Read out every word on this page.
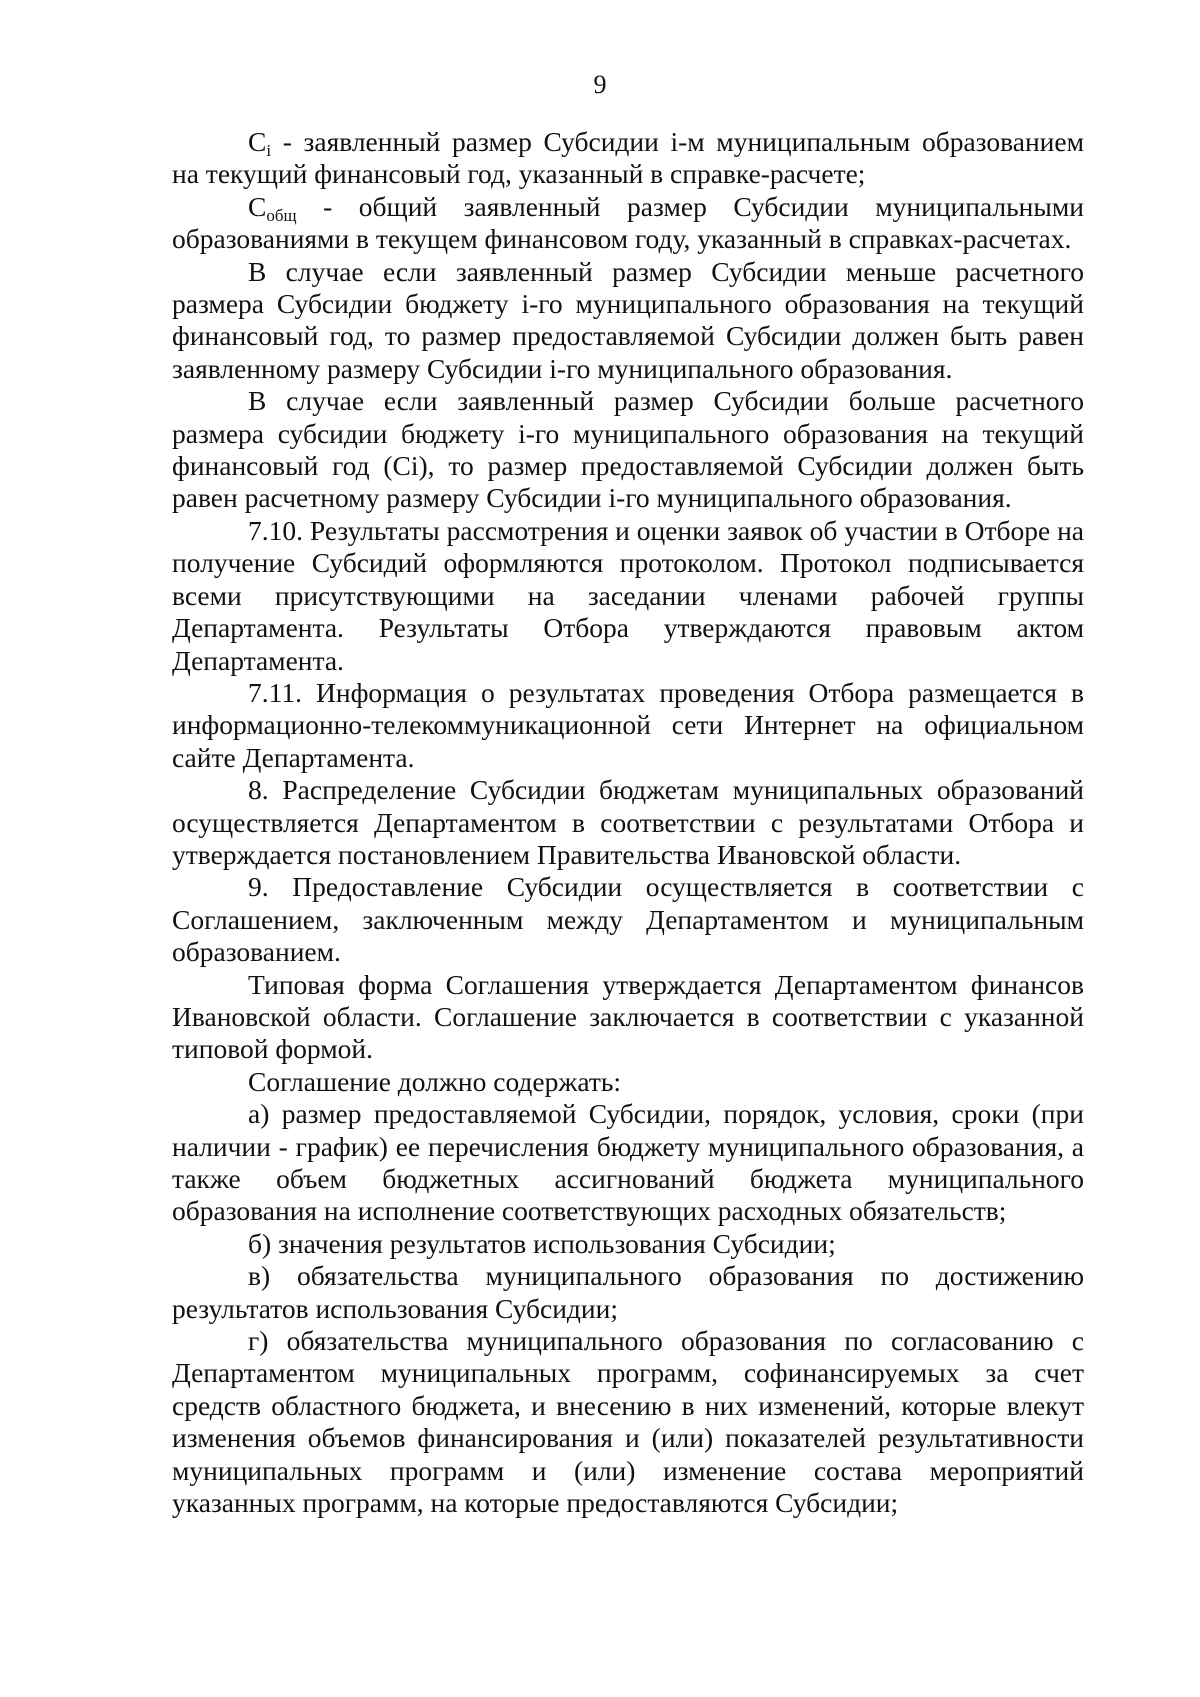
9

$C_i$ - заявленный размер Субсидии i-м муниципальным образованием на текущий финансовый год, указанный в справке-расчете;

$C_{общ}$ - общий заявленный размер Субсидии муниципальными образованиями в текущем финансовом году, указанный в справках-расчетах.

В случае если заявленный размер Субсидии меньше расчетного размера Субсидии бюджету i-го муниципального образования на текущий финансовый год, то размер предоставляемой Субсидии должен быть равен заявленному размеру Субсидии i-го муниципального образования.

В случае если заявленный размер Субсидии больше расчетного размера субсидии бюджету i-го муниципального образования на текущий финансовый год (Ci), то размер предоставляемой Субсидии должен быть равен расчетному размеру Субсидии i-го муниципального образования.

7.10. Результаты рассмотрения и оценки заявок об участии в Отборе на получение Субсидий оформляются протоколом. Протокол подписывается всеми присутствующими на заседании членами рабочей группы Департамента. Результаты Отбора утверждаются правовым актом Департамента.

7.11. Информация о результатах проведения Отбора размещается в информационно-телекоммуникационной сети Интернет на официальном сайте Департамента.

8. Распределение Субсидии бюджетам муниципальных образований осуществляется Департаментом в соответствии с результатами Отбора и утверждается постановлением Правительства Ивановской области.

9. Предоставление Субсидии осуществляется в соответствии с Соглашением, заключенным между Департаментом и муниципальным образованием.

Типовая форма Соглашения утверждается Департаментом финансов Ивановской области. Соглашение заключается в соответствии с указанной типовой формой.

Соглашение должно содержать:

а) размер предоставляемой Субсидии, порядок, условия, сроки (при наличии - график) ее перечисления бюджету муниципального образования, а также объем бюджетных ассигнований бюджета муниципального образования на исполнение соответствующих расходных обязательств;

б) значения результатов использования Субсидии;

в) обязательства муниципального образования по достижению результатов использования Субсидии;

г) обязательства муниципального образования по согласованию с Департаментом муниципальных программ, софинансируемых за счет средств областного бюджета, и внесению в них изменений, которые влекут изменения объемов финансирования и (или) показателей результативности муниципальных программ и (или) изменение состава мероприятий указанных программ, на которые предоставляются Субсидии;
